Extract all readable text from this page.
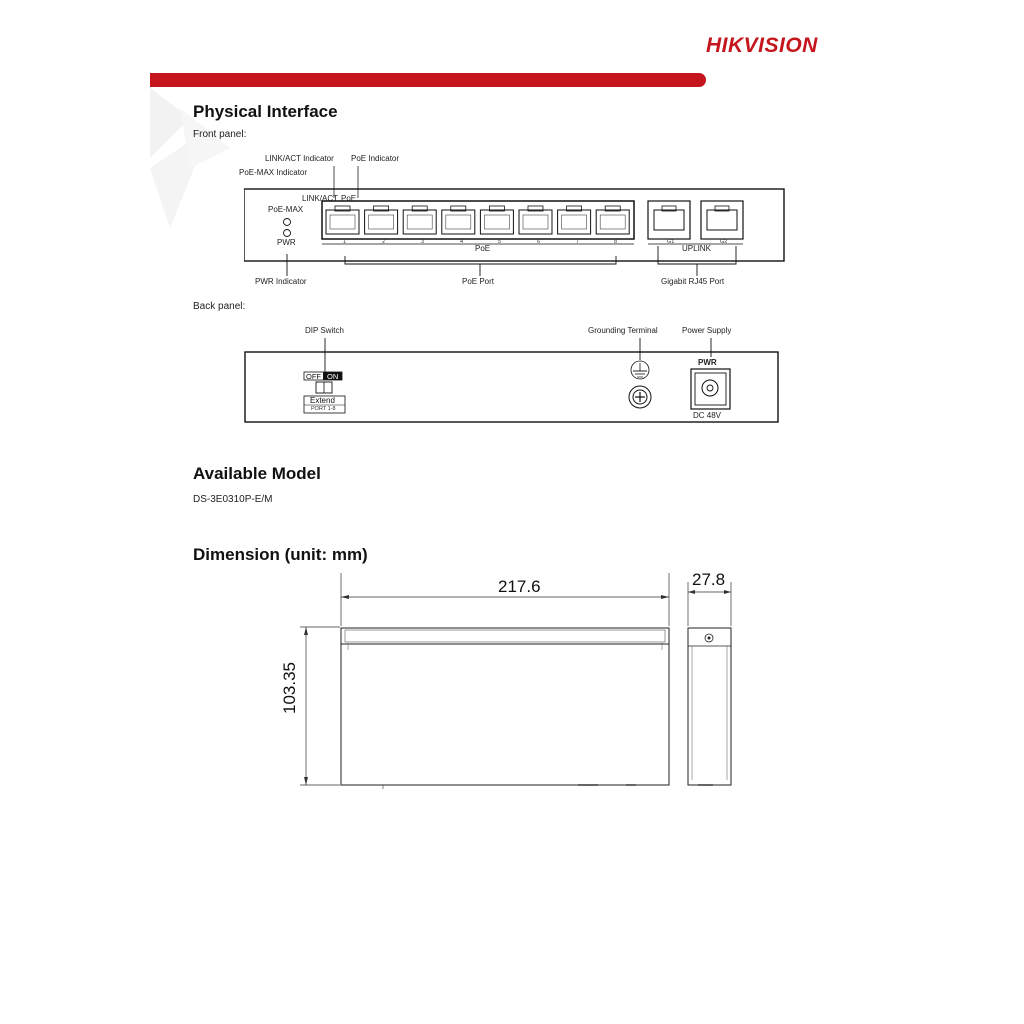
HIKVISION
Physical Interface
Front panel:
LINK/ACT Indicator PoE Indicator
PoE-MAX Indicator
LINK/ACT PoE
PoE-MAX
PWR
PoE	UPLINK
1	2	3	4	5	6	7	8	G1	G2
PWR Indicator	PoE Port	Gigabit RJ45 Port
Back panel:
DIP Switch	Grounding Terminal	Power Supply
OFF ON
Extend
PORT 1-8
PWR
DC 48V
Available Model
DS-3E0310P-E/M
Dimension (unit: mm)
217.6	27.8
103.35
